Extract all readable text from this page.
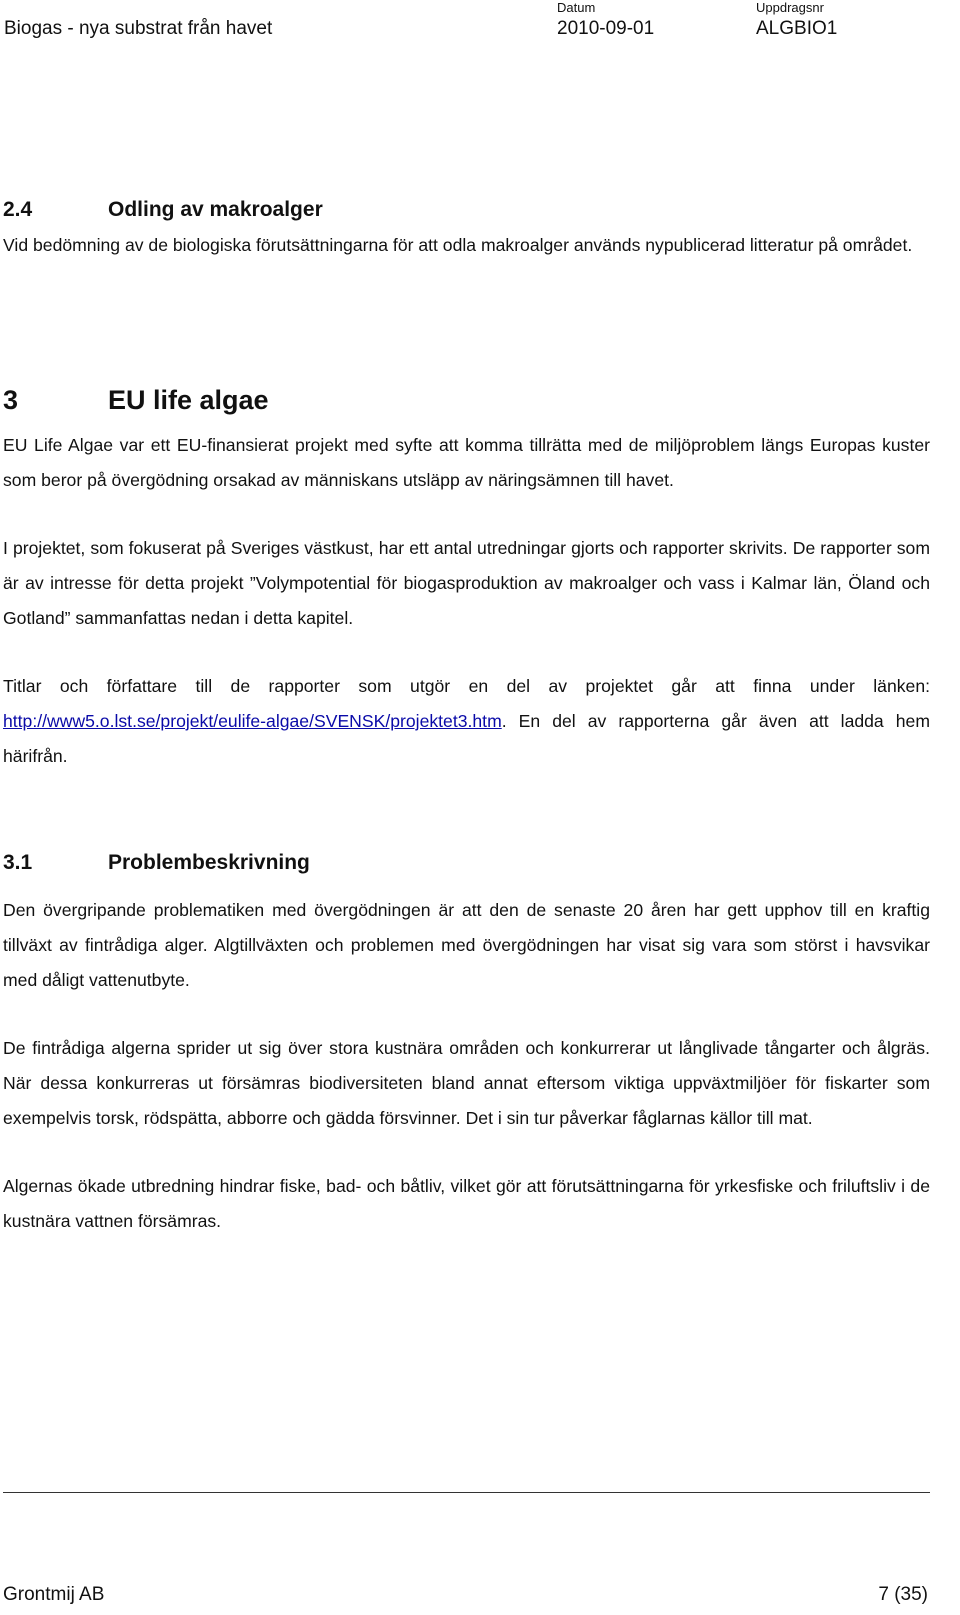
Biogas - nya substrat från havet
Datum
2010-09-01
Uppdragsnr
ALGBIO1
2.4	Odling av makroalger

Vid bedömning av de biologiska förutsättningarna för att odla makroalger används nypublicerad litteratur på området.

3	EU life algae

EU Life Algae var ett EU-finansierat projekt med syfte att komma tillrätta med de miljöproblem längs Europas kuster som beror på övergödning orsakad av människans utsläpp av näringsämnen till havet.

I projektet, som fokuserat på Sveriges västkust, har ett antal utredningar gjorts och rapporter skrivits. De rapporter som är av intresse för detta projekt ”Volympotential för biogasproduktion av makroalger och vass i Kalmar län, Öland och Gotland” sammanfattas nedan i detta kapitel.

Titlar och författare till de rapporter som utgör en del av projektet går att finna under länken: http://www5.o.lst.se/projekt/eulife-algae/SVENSK/projektet3.htm. En del av rapporterna går även att ladda hem härifrån.

3.1	Problembeskrivning

Den övergripande problematiken med övergödningen är att den de senaste 20 åren har gett upphov till en kraftig tillväxt av fintrådiga alger. Algtillväxten och problemen med övergödningen har visat sig vara som störst i havsvikar med dåligt vattenutbyte.

De fintrådiga algerna sprider ut sig över stora kustnära områden och konkurrerar ut långlivade tångarter och ålgräs. När dessa konkurreras ut försämras biodiversiteten bland annat eftersom viktiga uppväxtmiljöer för fiskarter som exempelvis torsk, rödspätta, abborre och gädda försvinner. Det i sin tur påverkar fåglarnas källor till mat.

Algernas ökade utbredning hindrar fiske, bad- och båtliv, vilket gör att förutsättningarna för yrkesfiske och friluftsliv i de kustnära vattnen försämras.

Grontmij AB	7 (35)
